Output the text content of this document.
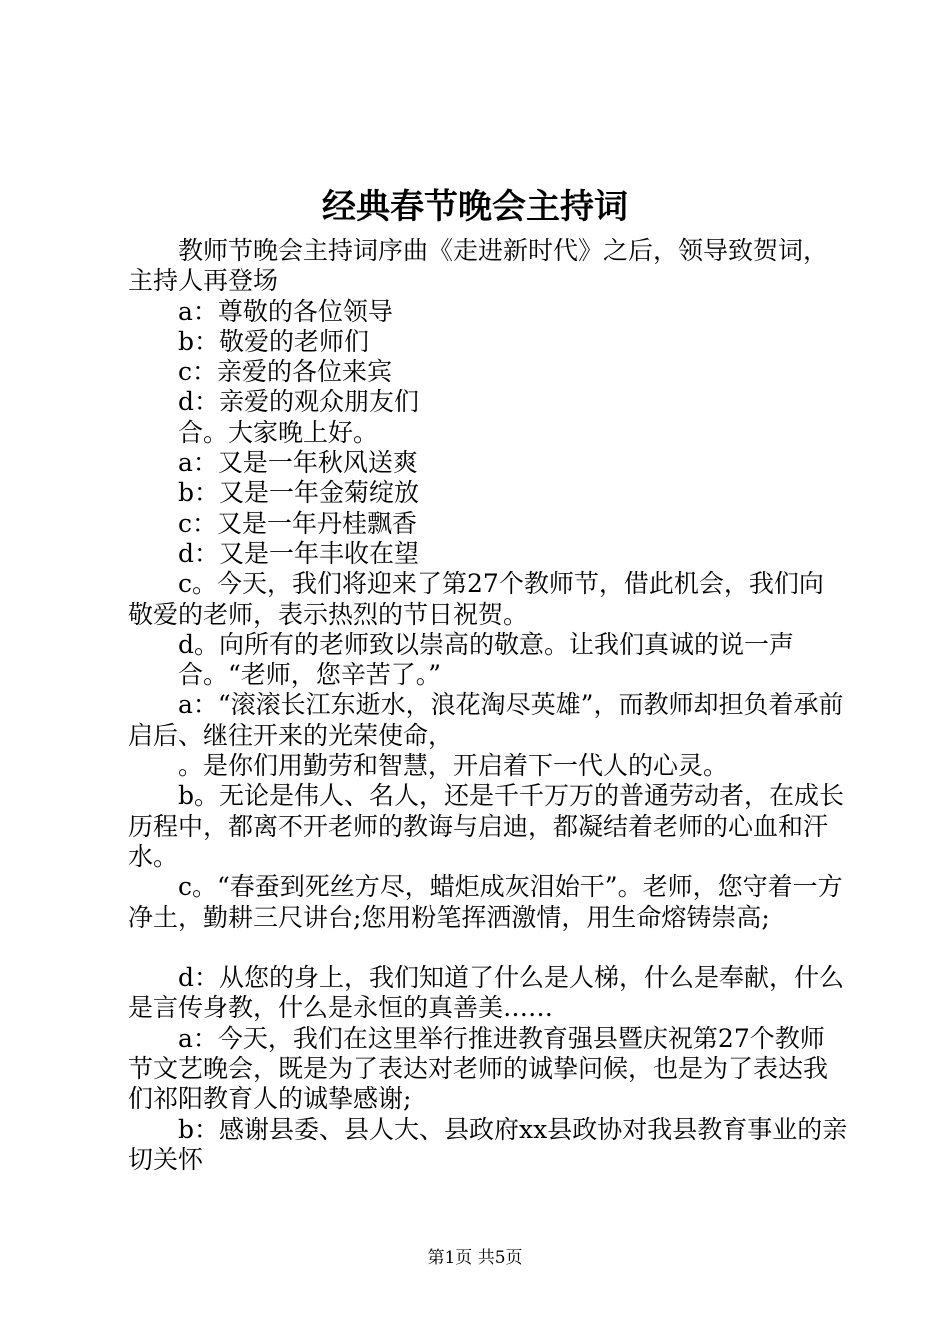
经典春节晚会主持词

教师节晚会主持词序曲《走进新时代》之后，领导致贺词，主持人再登场

a：尊敬的各位领导

b：敬爱的老师们

c：亲爱的各位来宾

d：亲爱的观众朋友们

合。大家晚上好。

a：又是一年秋风送爽

b：又是一年金菊绽放

c：又是一年丹桂飘香

d：又是一年丰收在望

c。今天，我们将迎来了第27个教师节，借此机会，我们向敬爱的老师，表示热烈的节日祝贺。

d。向所有的老师致以崇高的敬意。让我们真诚的说一声

合。“老师，您辛苦了。”

a：“滚滚长江东逝水，浪花淘尽英雄”，而教师却担负着承前启后、继往开来的光荣使命，

。是你们用勤劳和智慧，开启着下一代人的心灵。

b。无论是伟人、名人，还是千千万万的普通劳动者，在成长历程中，都离不开老师的教诲与启迪，都凝结着老师的心血和汗水。

c。“春蚕到死丝方尽，蜡炬成灰泪始干”。老师，您守着一方净土，勤耕三尺讲台;您用粉笔挥洒激情，用生命熔铸崇高;

d：从您的身上，我们知道了什么是人梯，什么是奉献，什么是言传身教，什么是永恒的真善美……

a：今天，我们在这里举行推进教育强县暨庆祝第27个教师节文艺晚会，既是为了表达对老师的诚挚问候，也是为了表达我们祁阳教育人的诚挚感谢;

b：感谢县委、县人大、县政府xx县政协对我县教育事业的亲切关怀

第1页 共5页
